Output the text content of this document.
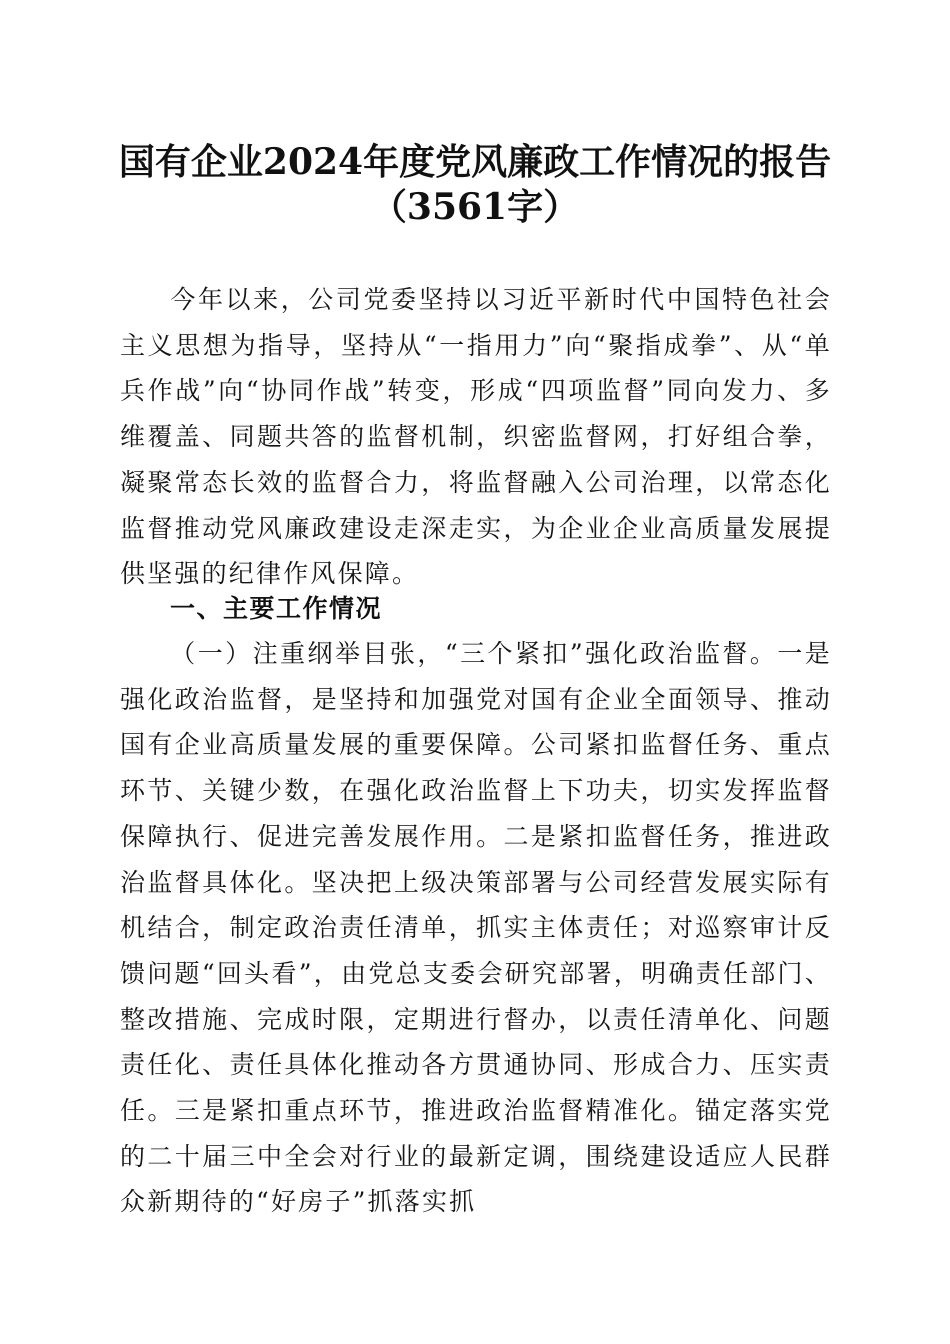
国有企业2024年度党风廉政工作情况的报告
（3561字）
今年以来，公司党委坚持以习近平新时代中国特色社会主义思想为指导，坚持从“一指用力”向“聚指成拳”、从“单兵作战”向“协同作战”转变，形成“四项监督”同向发力、多维覆盖、同题共答的监督机制，织密监督网，打好组合拳，凝聚常态长效的监督合力，将监督融入公司治理，以常态化监督推动党风廉政建设走深走实，为企业企业高质量发展提供坚强的纪律作风保障。
一、主要工作情况
（一）注重纲举目张，“三个紧扣”强化政治监督。一是强化政治监督，是坚持和加强党对国有企业全面领导、推动国有企业高质量发展的重要保障。公司紧扣监督任务、重点环节、关键少数，在强化政治监督上下功夫，切实发挥监督保障执行、促进完善发展作用。二是紧扣监督任务，推进政治监督具体化。坚决把上级决策部署与公司经营发展实际有机结合，制定政治责任清单，抓实主体责任；对巡察审计反馈问题“回头看”，由党总支委会研究部署，明确责任部门、整改措施、完成时限，定期进行督办，以责任清单化、问题责任化、责任具体化推动各方贯通协同、形成合力、压实责任。三是紧扣重点环节，推进政治监督精准化。锚定落实党的二十届三中全会对行业的最新定调，围绕建设适应人民群众新期待的“好房子”抓落实抓
